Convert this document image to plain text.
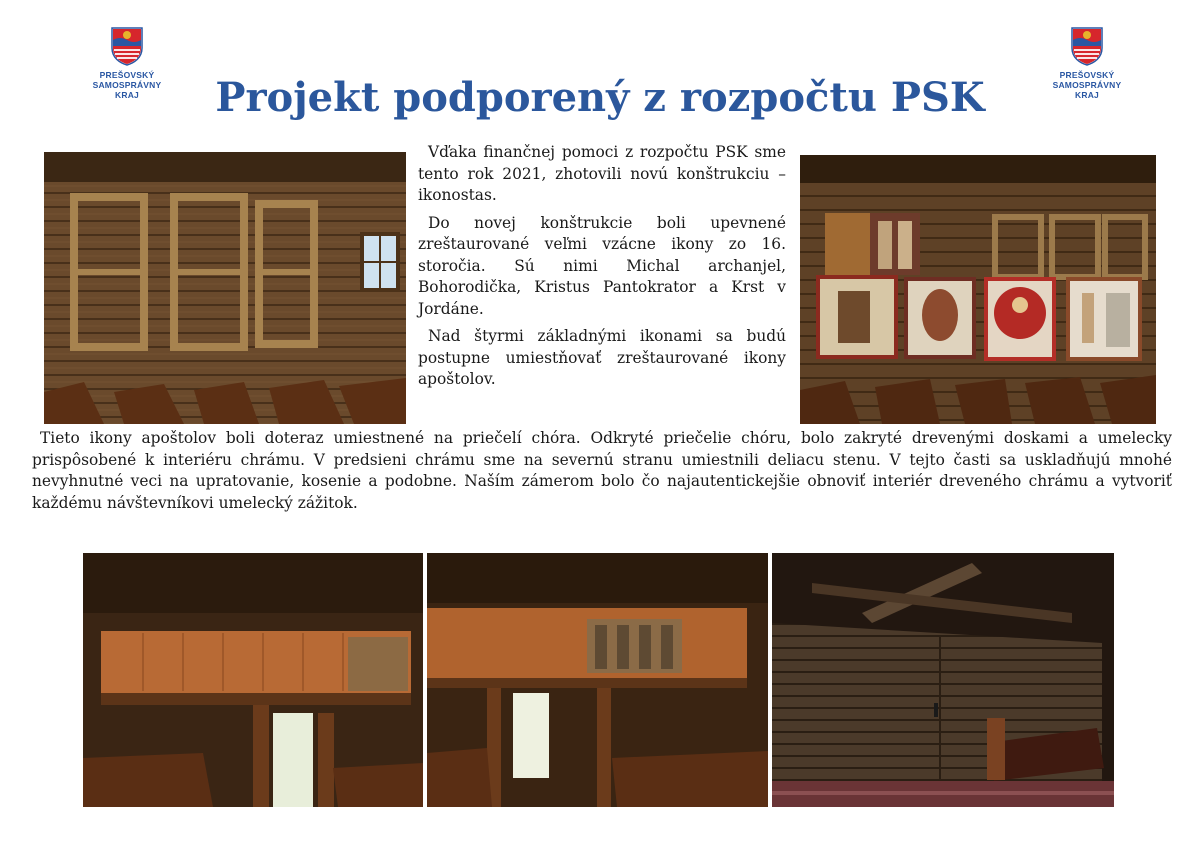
PREŠOVSKÝ
SAMOSPRÁVNY
KRAJ
PREŠOVSKÝ
SAMOSPRÁVNY
KRAJ
Projekt podporený z rozpočtu PSK

Vďaka finančnej pomoci z rozpočtu PSK sme tento rok 2021, zhotovili novú konštrukciu – ikonostas.

Do novej konštrukcie boli upevnené zreštaurované veľmi vzácne ikony zo 16. storočia. Sú nimi Michal archanjel, Bohorodička, Kristus Pantokrator a Krst v Jordáne.

Nad štyrmi základnými ikonami sa budú postupne umiestňovať zreštaurované ikony apoštolov.

Tieto ikony apoštolov boli doteraz umiestnené na priečelí chóra. Odkryté priečelie chóru, bolo zakryté drevenými doskami a umelecky prispôsobené k interiéru chrámu. V predsieni chrámu sme na severnú stranu umiestnili deliacu stenu. V tejto časti sa uskladňujú mnohé nevyhnutné veci na upratovanie, kosenie a podobne. Naším zámerom bolo čo najautentickejšie obnoviť interiér dreveného chrámu a vytvoriť každému návštevníkovi umelecký zážitok.
